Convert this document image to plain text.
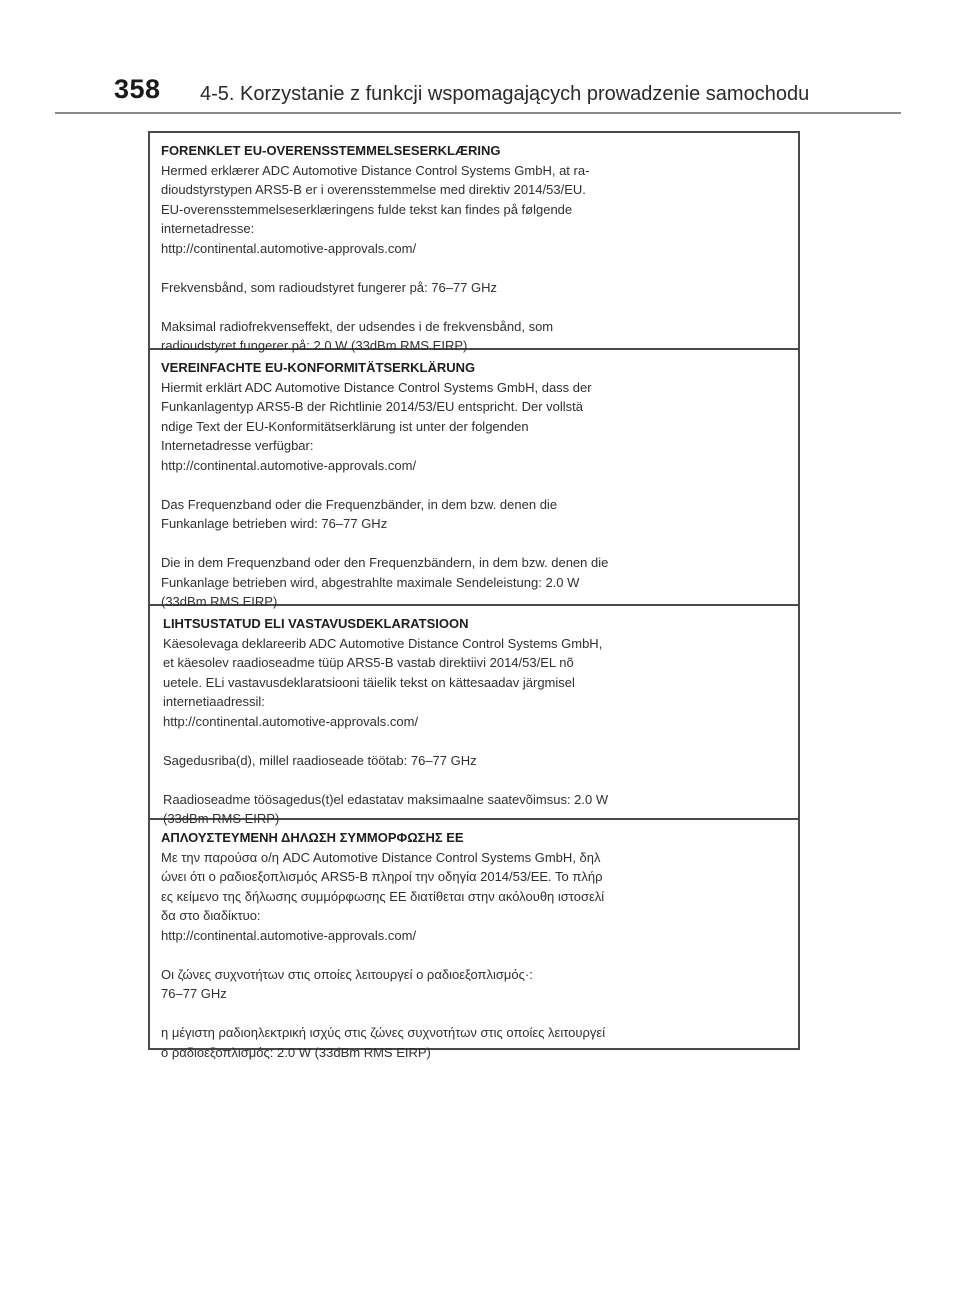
358 4-5. Korzystanie z funkcji wspomagających prowadzenie samochodu
FORENKLET EU-OVERENSSTEMMELSESERKLÆRING
Hermed erklærer ADC Automotive Distance Control Systems GmbH, at ra-
dioudstyrstypen ARS5-B er i overensstemmelse med direktiv 2014/53/EU.
EU-overensstemmelseserklæringens fulde tekst kan findes på følgende
internetadresse:
http://continental.automotive-approvals.com/
Frekvensbånd, som radioudstyret fungerer på: 76–77 GHz
Maksimal radiofrekvenseffekt, der udsendes i de frekvensbånd, som
radioudstyret fungerer på: 2.0 W (33dBm RMS EIRP)
VEREINFACHTE EU-KONFORMITÄTSERKLÄRUNG
Hiermit erklärt ADC Automotive Distance Control Systems GmbH, dass der
Funkanlagentyp ARS5-B der Richtlinie 2014/53/EU entspricht. Der vollstä
ndige Text der EU-Konformitätserklärung ist unter der folgenden
Internetadresse verfügbar:
http://continental.automotive-approvals.com/
Das Frequenzband oder die Frequenzbänder, in dem bzw. denen die
Funkanlage betrieben wird: 76–77 GHz
Die in dem Frequenzband oder den Frequenzbändern, in dem bzw. denen die
Funkanlage betrieben wird, abgestrahlte maximale Sendeleistung: 2.0 W
(33dBm RMS EIRP)
LIHTSUSTATUD ELI VASTAVUSDEKLARATSIOON
Käesolevaga deklareerib ADC Automotive Distance Control Systems GmbH,
et käesolev raadioseadme tüüp ARS5-B vastab direktiivi 2014/53/EL nõ
uetele. ELi vastavusdeklaratsiooni täielik tekst on kättesaadav järgmisel
internetiaadressil:
http://continental.automotive-approvals.com/
Sagedusriba(d), millel raadioseade töötab: 76–77 GHz
Raadioseadme töösagedus(t)el edastatav maksimaalne saatevõimsus: 2.0 W
(33dBm RMS EIRP)
ΑΠΛΟΥΣΤΕΥΜΕΝΗ ΔΗΛΩΣΗ ΣΥΜΜΟΡΦΩΣΗΣ ΕΕ
Με την παρούσα ο/η ADC Automotive Distance Control Systems GmbH, δηλ
ώνει ότι ο ραδιοεξοπλισμός ARS5-B πληροί την οδηγία 2014/53/ΕΕ. Το πλήρ
ες κείμενο της δήλωσης συμμόρφωσης ΕΕ διατίθεται στην ακόλουθη ιστοσελί
δα στο διαδίκτυο:
http://continental.automotive-approvals.com/
Οι ζώνες συχνοτήτων στις οποίες λειτουργεί ο ραδιοεξοπλισμός·:
76–77 GHz
η μέγιστη ραδιοηλεκτρική ισχύς στις ζώνες συχνοτήτων στις οποίες λειτουργεί
ο ραδιοεξοπλισμός: 2.0 W (33dBm RMS EIRP)
